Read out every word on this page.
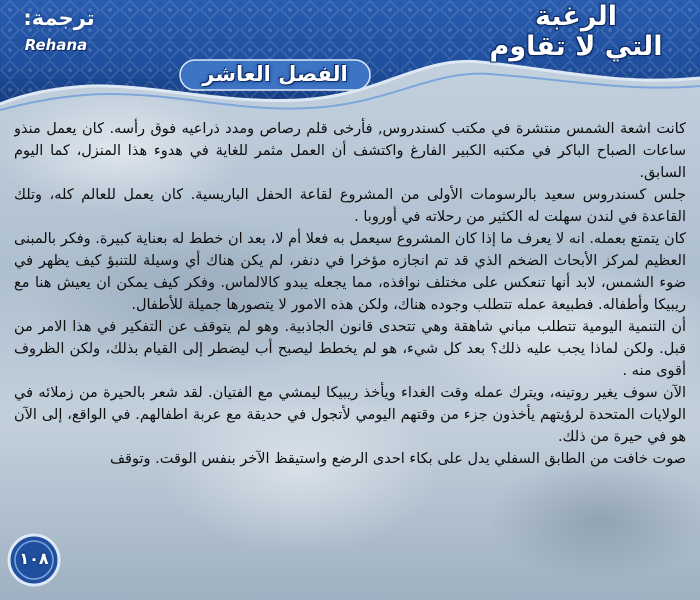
الرغبة
التي لا تقاوم
ترجمة:
Rehana
الفصل العاشر

كانت اشعة الشمس منتشرة في مكتب كسندروس, فأرخى قلم رصاص ومدد ذراعيه فوق رأسه. كان يعمل منذو ساعات الصباح الباكر في مكتبه الكبير الفارغ واكتشف أن العمل مثمر للغاية في هدوء هذا المنزل، كما اليوم السابق.

جلس كسندروس سعيد بالرسومات الأولى من المشروع لقاعة الحفل الباريسية. كان يعمل للعالم كله، وتلك القاعدة في لندن سهلت له الكثير من رحلاته في أوروبا .

كان يتمتع بعمله. انه لا يعرف ما إذا كان المشروع سيعمل به فعلا أم لا، بعد ان خطط له بعناية كبيرة. وفكر بالمبنى العظيم لمركز الأبحاث الضخم الذي قد تم انجازه مؤخرا في دنفر، لم يكن هناك أي وسيلة للتنبؤ كيف يظهر في ضوء الشمس، لابد أنها تنعكس على مختلف نوافذه، مما يجعله يبدو كالالماس. وفكر كيف يمكن ان يعيش هنا مع ريبيكا وأطفاله. فطبيعة عمله تتطلب وجوده هناك، ولكن هذه الامور لا يتصورها جميلة للأطفال.

أن التنمية اليومية تتطلب مباني شاهقة وهي تتحدى قانون الجاذبية. وهو لم يتوقف عن التفكير في هذا الامر من قبل. ولكن لماذا يجب عليه ذلك؟ بعد كل شيء، هو لم يخطط ليصبح أب ليضطر إلى القيام بذلك، ولكن الظروف أقوى منه .

الآن سوف يغير روتينه، ويترك عمله وقت الغداء ويأخذ ريبيكا ليمشي مع الفتيان. لقد شعر بالحيرة من زملائه في الولايات المتحدة لرؤيتهم يأخذون جزء من وقتهم اليومي لأتجول في حديقة مع عربة اطفالهم. في الواقع، إلى الآن هو في حيرة من ذلك.

صوت خافت من الطابق السفلي يدل على بكاء احدى الرضع واستيقظ الآخر بنفس الوقت. وتوقف

١٠٨
